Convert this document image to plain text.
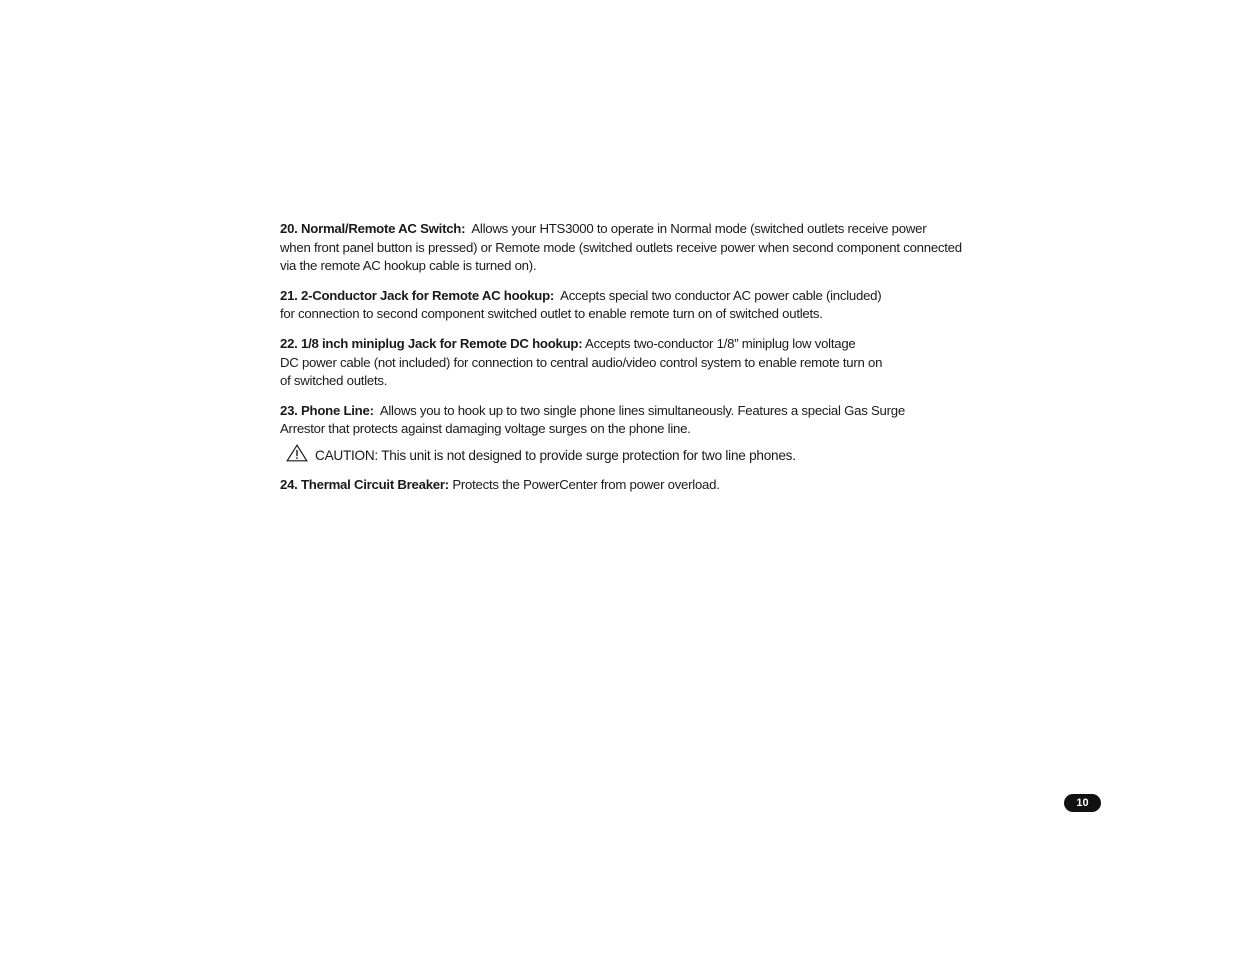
20. Normal/Remote AC Switch: Allows your HTS3000 to operate in Normal mode (switched outlets receive power
when front panel button is pressed) or Remote mode (switched outlets receive power when second component connected
via the remote AC hookup cable is turned on).

21. 2-Conductor Jack for Remote AC hookup: Accepts special two conductor AC power cable (included)
for connection to second component switched outlet to enable remote turn on of switched outlets.

22. 1/8 inch miniplug Jack for Remote DC hookup: Accepts two-conductor 1/8” miniplug low voltage
DC power cable (not included) for connection to central audio/video control system to enable remote turn on
of switched outlets.

23. Phone Line: Allows you to hook up to two single phone lines simultaneously. Features a special Gas Surge
Arrestor that protects against damaging voltage surges on the phone line.

CAUTION: This unit is not designed to provide surge protection for two line phones.

24. Thermal Circuit Breaker: Protects the PowerCenter from power overload.

10
